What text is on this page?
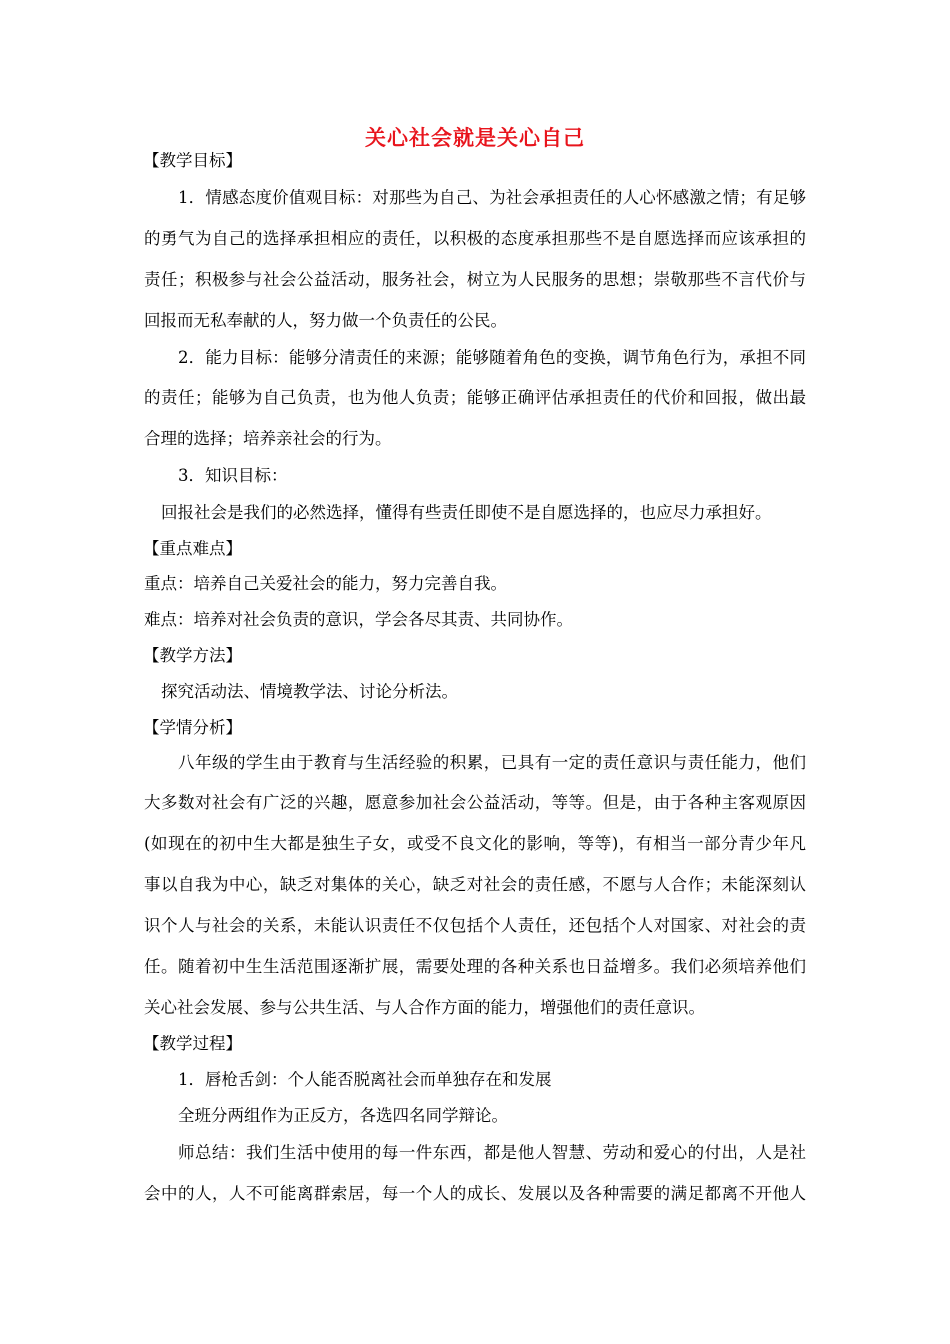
关心社会就是关心自己
【教学目标】
1．情感态度价值观目标：对那些为自己、为社会承担责任的人心怀感激之情；有足够
的勇气为自己的选择承担相应的责任，以积极的态度承担那些不是自愿选择而应该承担的
责任；积极参与社会公益活动，服务社会，树立为人民服务的思想；崇敬那些不言代价与
回报而无私奉献的人，努力做一个负责任的公民。
2．能力目标：能够分清责任的来源；能够随着角色的变换，调节角色行为，承担不同
的责任；能够为自己负责，也为他人负责；能够正确评估承担责任的代价和回报，做出最
合理的选择；培养亲社会的行为。
3．知识目标：
回报社会是我们的必然选择，懂得有些责任即使不是自愿选择的，也应尽力承担好。
【重点难点】
重点：培养自己关爱社会的能力，努力完善自我。
难点：培养对社会负责的意识，学会各尽其责、共同协作。
【教学方法】
探究活动法、情境教学法、讨论分析法。
【学情分析】
八年级的学生由于教育与生活经验的积累，已具有一定的责任意识与责任能力，他们
大多数对社会有广泛的兴趣，愿意参加社会公益活动，等等。但是，由于各种主客观原因
(如现在的初中生大都是独生子女，或受不良文化的影响，等等)，有相当一部分青少年凡
事以自我为中心，缺乏对集体的关心，缺乏对社会的责任感，不愿与人合作；未能深刻认
识个人与社会的关系，未能认识责任不仅包括个人责任，还包括个人对国家、对社会的责
任。随着初中生生活范围逐渐扩展，需要处理的各种关系也日益增多。我们必须培养他们
关心社会发展、参与公共生活、与人合作方面的能力，增强他们的责任意识。
【教学过程】
1．唇枪舌剑：个人能否脱离社会而单独存在和发展
全班分两组作为正反方，各选四名同学辩论。
师总结：我们生活中使用的每一件东西，都是他人智慧、劳动和爱心的付出，人是社
会中的人，人不可能离群索居，每一个人的成长、发展以及各种需要的满足都离不开他人
